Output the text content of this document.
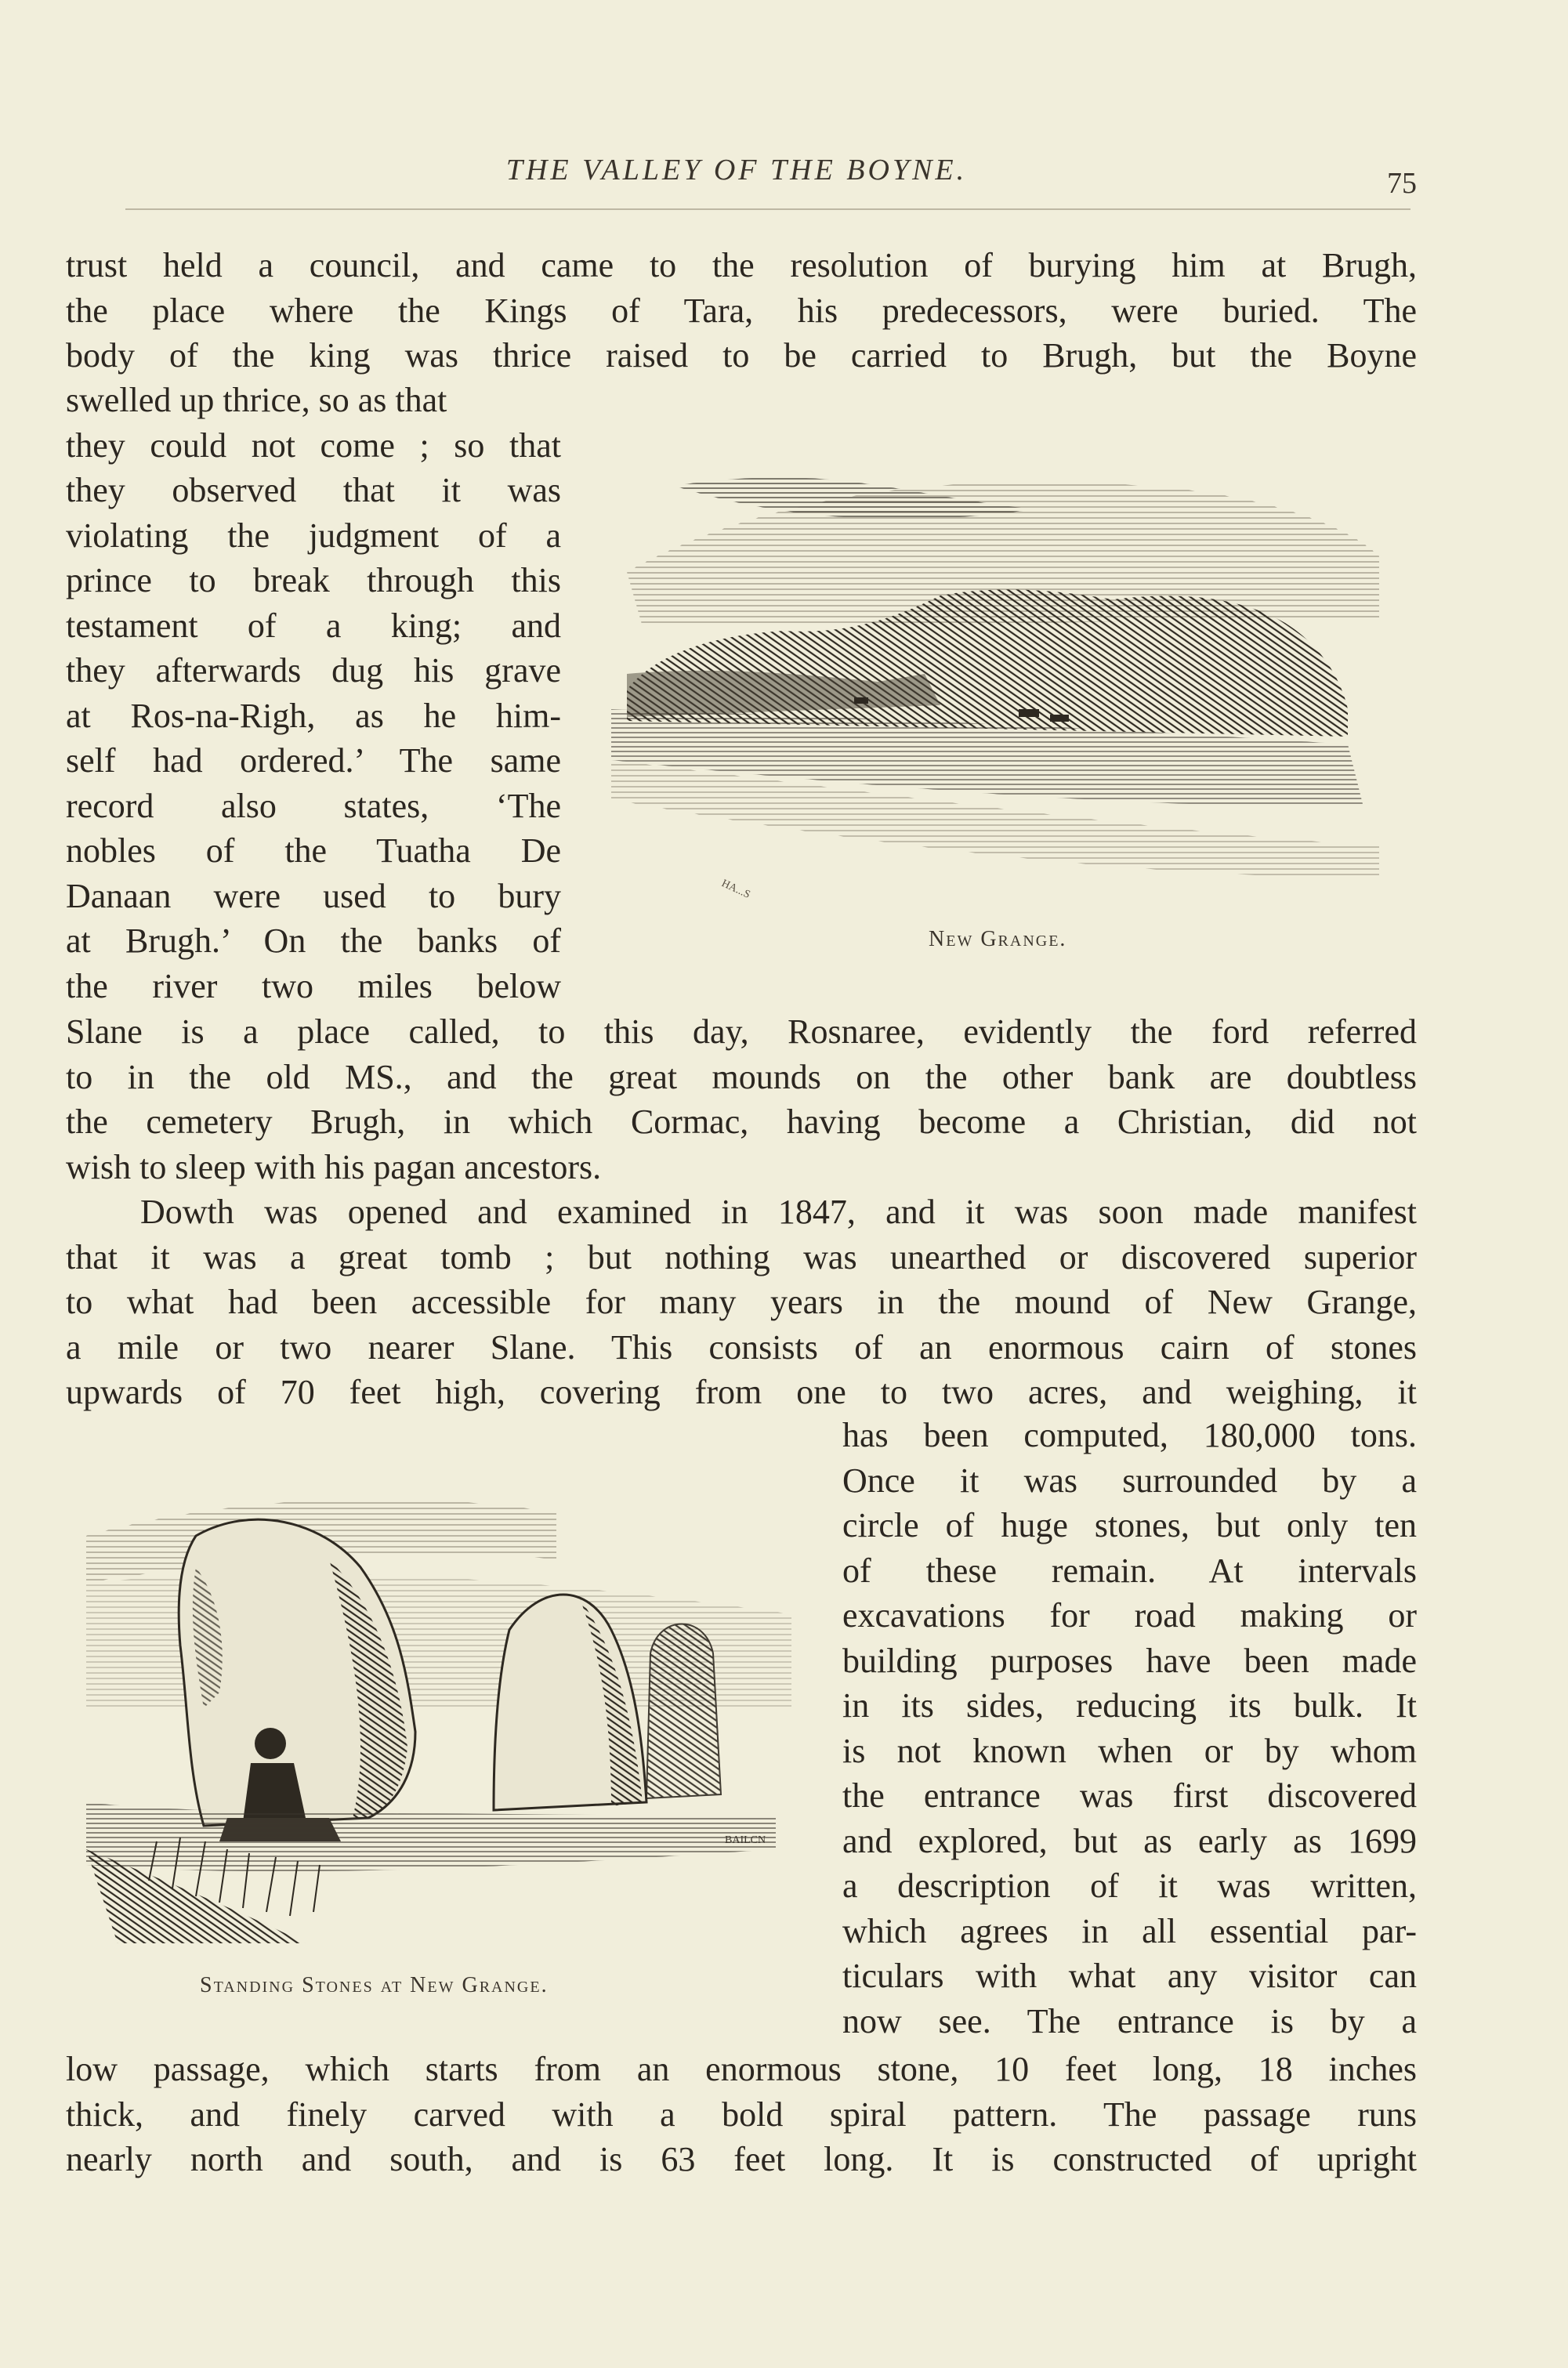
THE VALLEY OF THE BOYNE.	75
trust held a council, and came to the resolution of burying him at Brugh,
the place where the Kings of Tara, his predecessors, were buried. The
body of the king was thrice raised to be carried to Brugh, but the Boyne
swelled up thrice, so as that
they could not come ; so that
they observed that it was
violating the judgment of a
prince to break through this
testament of a king; and
they afterwards dug his grave
at Ros-na-Righ, as he him-
self had ordered.’ The same
record also states, ‘The
nobles of the Tuatha De
Danaan were used to bury
at Brugh.’ On the banks of
the river two miles below
HA...S
New Grange.
Slane is a place called, to this day, Rosnaree, evidently the ford referred
to in the old MS., and the great mounds on the other bank are doubtless
the cemetery Brugh, in which Cormac, having become a Christian, did not
wish to sleep with his pagan ancestors.
Dowth was opened and examined in 1847, and it was soon made manifest
that it was a great tomb ; but nothing was unearthed or discovered superior
to what had been accessible for many years in the mound of New Grange,
a mile or two nearer Slane. This consists of an enormous cairn of stones
upwards of 70 feet high, covering from one to two acres, and weighing, it
BAILCN
Standing Stones at New Grange.
has been computed, 180,000 tons.
Once it was surrounded by a
circle of huge stones, but only ten
of these remain. At intervals
excavations for road making or
building purposes have been made
in its sides, reducing its bulk. It
is not known when or by whom
the entrance was first discovered
and explored, but as early as 1699
a description of it was written,
which agrees in all essential par-
ticulars with what any visitor can
now see. The entrance is by a
low passage, which starts from an enormous stone, 10 feet long, 18 inches
thick, and finely carved with a bold spiral pattern. The passage runs
nearly north and south, and is 63 feet long. It is constructed of upright
